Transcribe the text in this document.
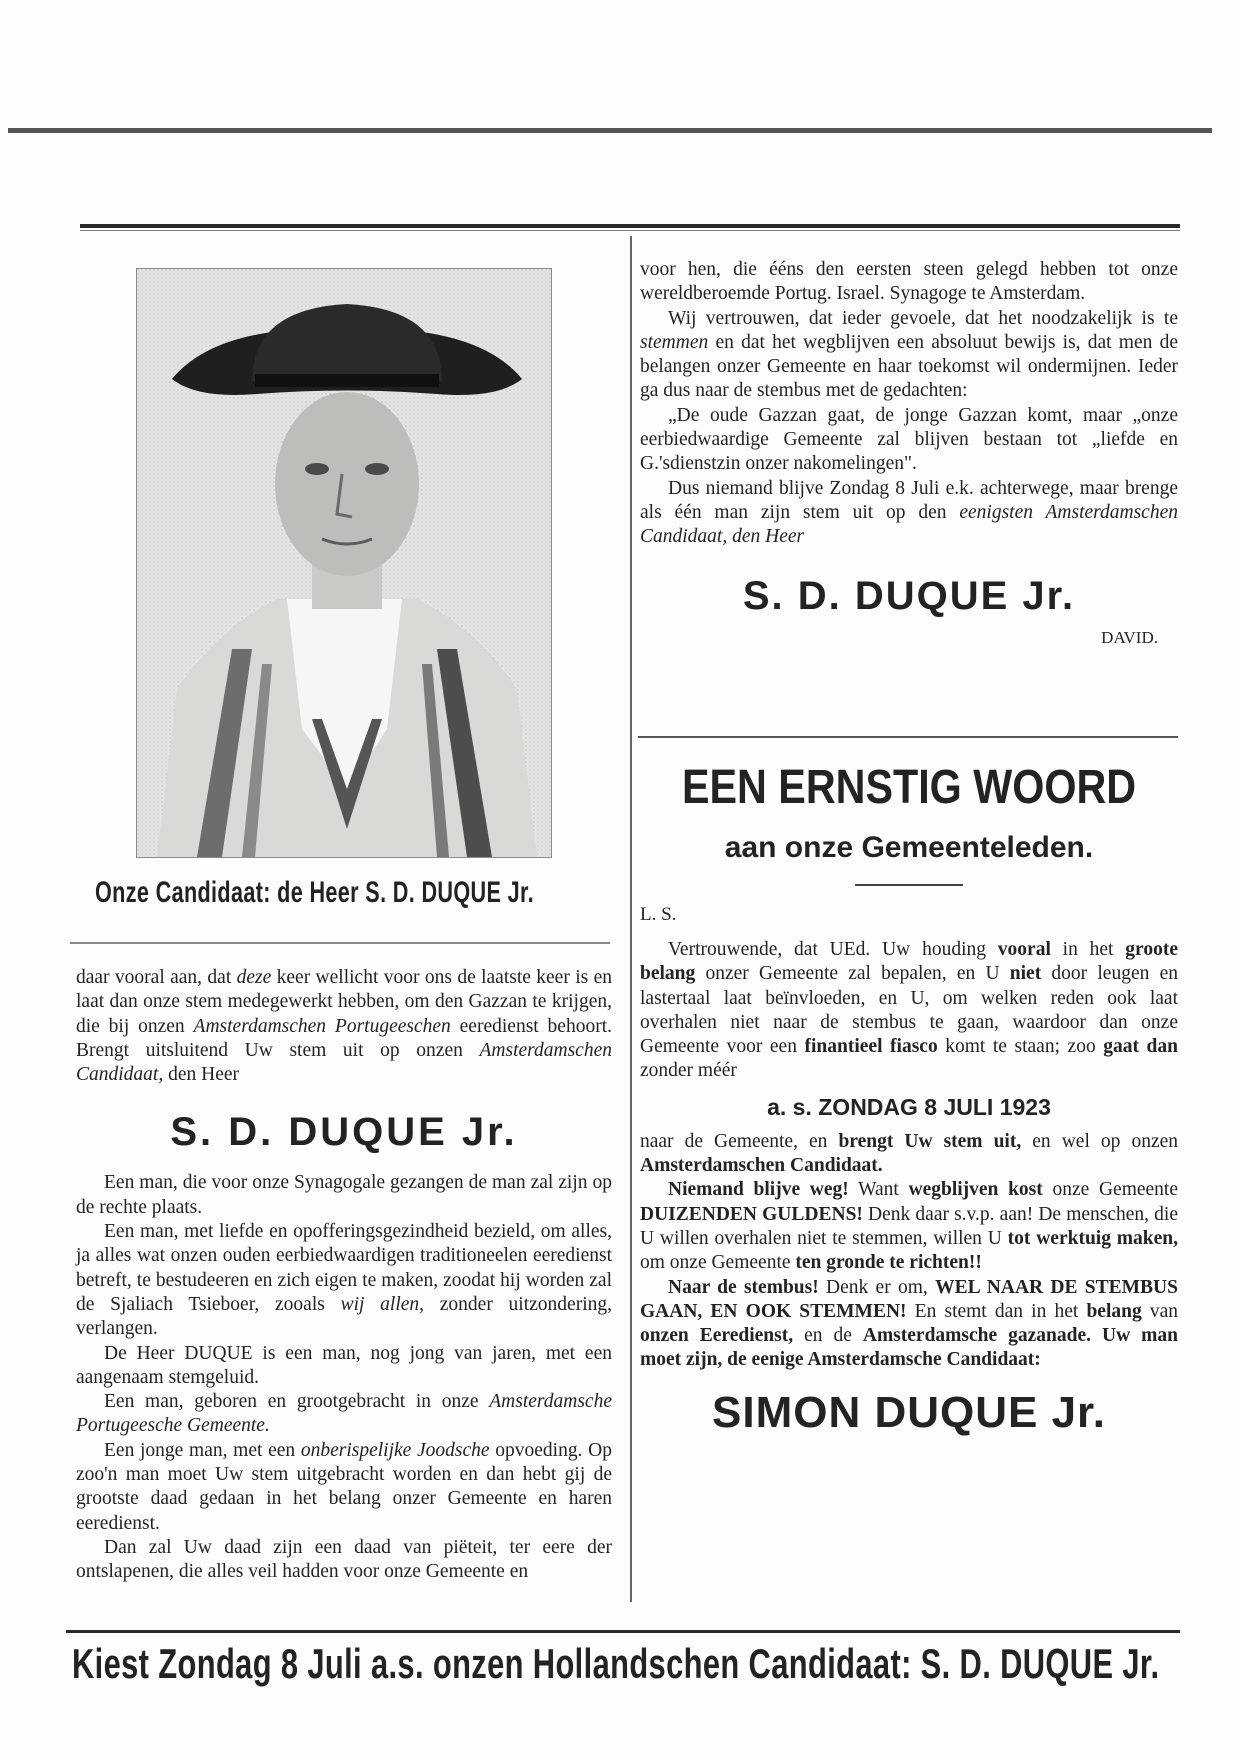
Onze Candidaat: de Heer S. D. DUQUE Jr.

daar vooral aan, dat deze keer wellicht voor ons de laatste keer is en laat dan onze stem medegewerkt hebben, om den Gazzan te krijgen, die bij onzen Amsterdamschen Portugeeschen eeredienst behoort. Brengt uitsluitend Uw stem uit op onzen Amsterdamschen Candidaat, den Heer

S. D. DUQUE Jr.

Een man, die voor onze Synagogale gezangen de man zal zijn op de rechte plaats.

Een man, met liefde en opofferingsgezindheid bezield, om alles, ja alles wat onzen ouden eerbiedwaardigen traditioneelen eeredienst betreft, te bestudeeren en zich eigen te maken, zoodat hij worden zal de Sjaliach Tsieboer, zooals wij allen, zonder uitzondering, verlangen.

De Heer DUQUE is een man, nog jong van jaren, met een aangenaam stemgeluid.

Een man, geboren en grootgebracht in onze Amsterdamsche Portugeesche Gemeente.

Een jonge man, met een onberispelijke Joodsche opvoeding. Op zoo'n man moet Uw stem uitgebracht worden en dan hebt gij de grootste daad gedaan in het belang onzer Gemeente en haren eeredienst.

Dan zal Uw daad zijn een daad van piëteit, ter eere der ontslapenen, die alles veil hadden voor onze Gemeente en

voor hen, die ééns den eersten steen gelegd hebben tot onze wereldberoemde Portug. Israel. Synagoge te Amsterdam.

Wij vertrouwen, dat ieder gevoele, dat het noodzakelijk is te stemmen en dat het wegblijven een absoluut bewijs is, dat men de belangen onzer Gemeente en haar toekomst wil ondermijnen. Ieder ga dus naar de stembus met de gedachten:

„De oude Gazzan gaat, de jonge Gazzan komt, maar „onze eerbiedwaardige Gemeente zal blijven bestaan tot „liefde en G.'sdienstzin onzer nakomelingen".

Dus niemand blijve Zondag 8 Juli e.k. achterwege, maar brenge als één man zijn stem uit op den eenigsten Amsterdamschen Candidaat, den Heer

S. D. DUQUE Jr.

DAVID.

EEN ERNSTIG WOORD

aan onze Gemeenteleden.

L. S.

Vertrouwende, dat UEd. Uw houding vooral in het groote belang onzer Gemeente zal bepalen, en U niet door leugen en lastertaal laat beïnvloeden, en U, om welken reden ook laat overhalen niet naar de stembus te gaan, waardoor dan onze Gemeente voor een finantieel fiasco komt te staan; zoo gaat dan zonder méér

a. s. ZONDAG 8 JULI 1923

naar de Gemeente, en brengt Uw stem uit, en wel op onzen Amsterdamschen Candidaat.

Niemand blijve weg! Want wegblijven kost onze Gemeente DUIZENDEN GULDENS! Denk daar s.v.p. aan! De menschen, die U willen overhalen niet te stemmen, willen U tot werktuig maken, om onze Gemeente ten gronde te richten!!

Naar de stembus! Denk er om, WEL NAAR DE STEMBUS GAAN, EN OOK STEMMEN! En stemt dan in het belang van onzen Eeredienst, en de Amsterdamsche gazanade. Uw man moet zijn, de eenige Amsterdamsche Candidaat:

SIMON DUQUE Jr.

Kiest Zondag 8 Juli a.s. onzen Hollandschen Candidaat: S. D. DUQUE Jr.
